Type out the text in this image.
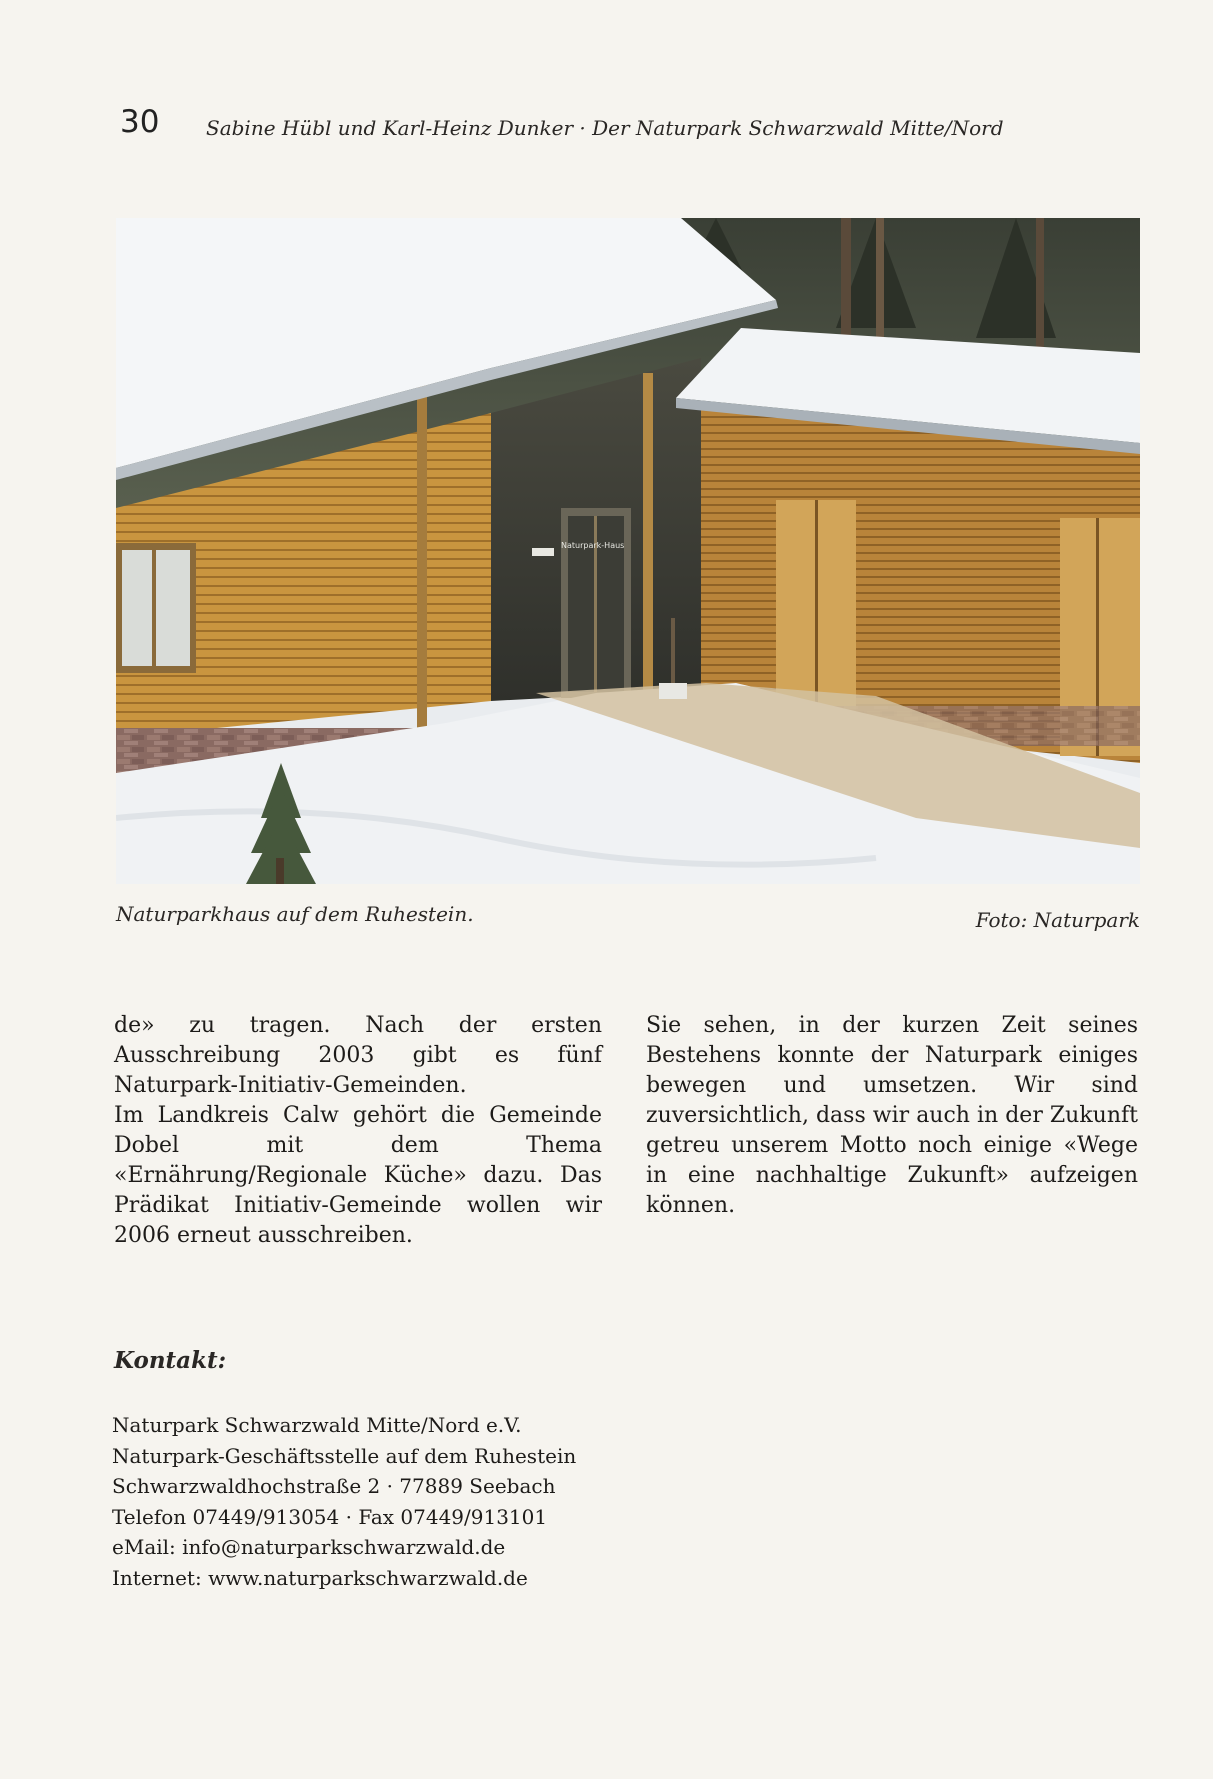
30 Sabine Hübl und Karl-Heinz Dunker · Der Naturpark Schwarzwald Mitte/Nord
Naturpark-Haus
Naturparkhaus auf dem Ruhestein.	Foto: Naturpark

de» zu tragen. Nach der ersten Ausschreibung 2003 gibt es fünf Naturpark-Initiativ-Gemeinden.

Im Landkreis Calw gehört die Gemeinde Dobel mit dem Thema «Ernährung/Regionale Küche» dazu. Das Prädikat Initiativ-Gemeinde wollen wir 2006 erneut ausschreiben.

Sie sehen, in der kurzen Zeit seines Bestehens konnte der Naturpark einiges bewegen und umsetzen. Wir sind zuversichtlich, dass wir auch in der Zukunft getreu unserem Motto noch einige «Wege in eine nachhaltige Zukunft» aufzeigen können.

Kontakt:
Naturpark Schwarzwald Mitte/Nord e.V.
Naturpark-Geschäftsstelle auf dem Ruhestein
Schwarzwaldhochstraße 2 · 77889 Seebach
Telefon 07449/913054 · Fax 07449/913101
eMail: info@naturparkschwarzwald.de
Internet: www.naturparkschwarzwald.de
